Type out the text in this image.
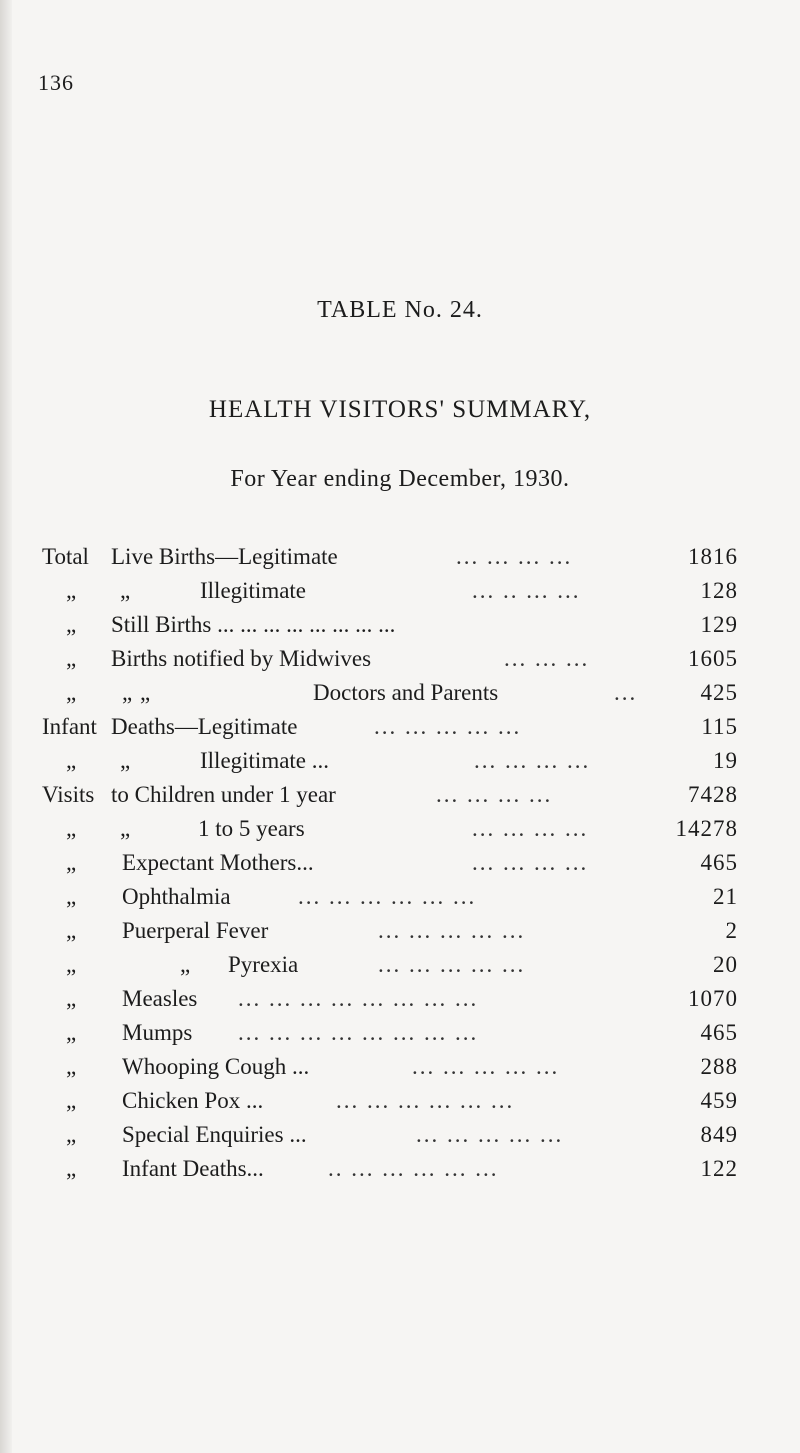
136
TABLE No. 24.
HEALTH VISITORS' SUMMARY,
For Year ending December, 1930.
Total Live Births—Legitimate	... ... ... ...	1816
„ „	Illegitimate	... .. ... ...	128
„ Still Births ... ... ... ... ... ... ... ...	129
„ Births notified by Midwives	... ... ...	1605
„ „ „	Doctors and Parents	...	425
Infant Deaths—Legitimate	... ... ... ... ...	115
„ „	Illegitimate ...	... ... ... ...	19
Visits to Children under 1 year	... ... ... ...	7428
„ „	1 to 5 years	... ... ... ...	14278
„ Expectant Mothers...	... ... ... ...	465
„ Ophthalmia	... ... ... ... ... ...	21
„ Puerperal Fever	... ... ... ... ...	2
„	„ Pyrexia	... ... ... ... ...	20
„ Measles ... ... ... ... ... ... ... ...	1070
„ Mumps ... ... ... ... ... ... ... ...	465
„ Whooping Cough ...	... ... ... ... ...	288
„ Chicken Pox ...	... ... ... ... ... ...	459
„ Special Enquiries ...	... ... ... ... ...	849
„ Infant Deaths...	.. ... ... ... ... ...	122
